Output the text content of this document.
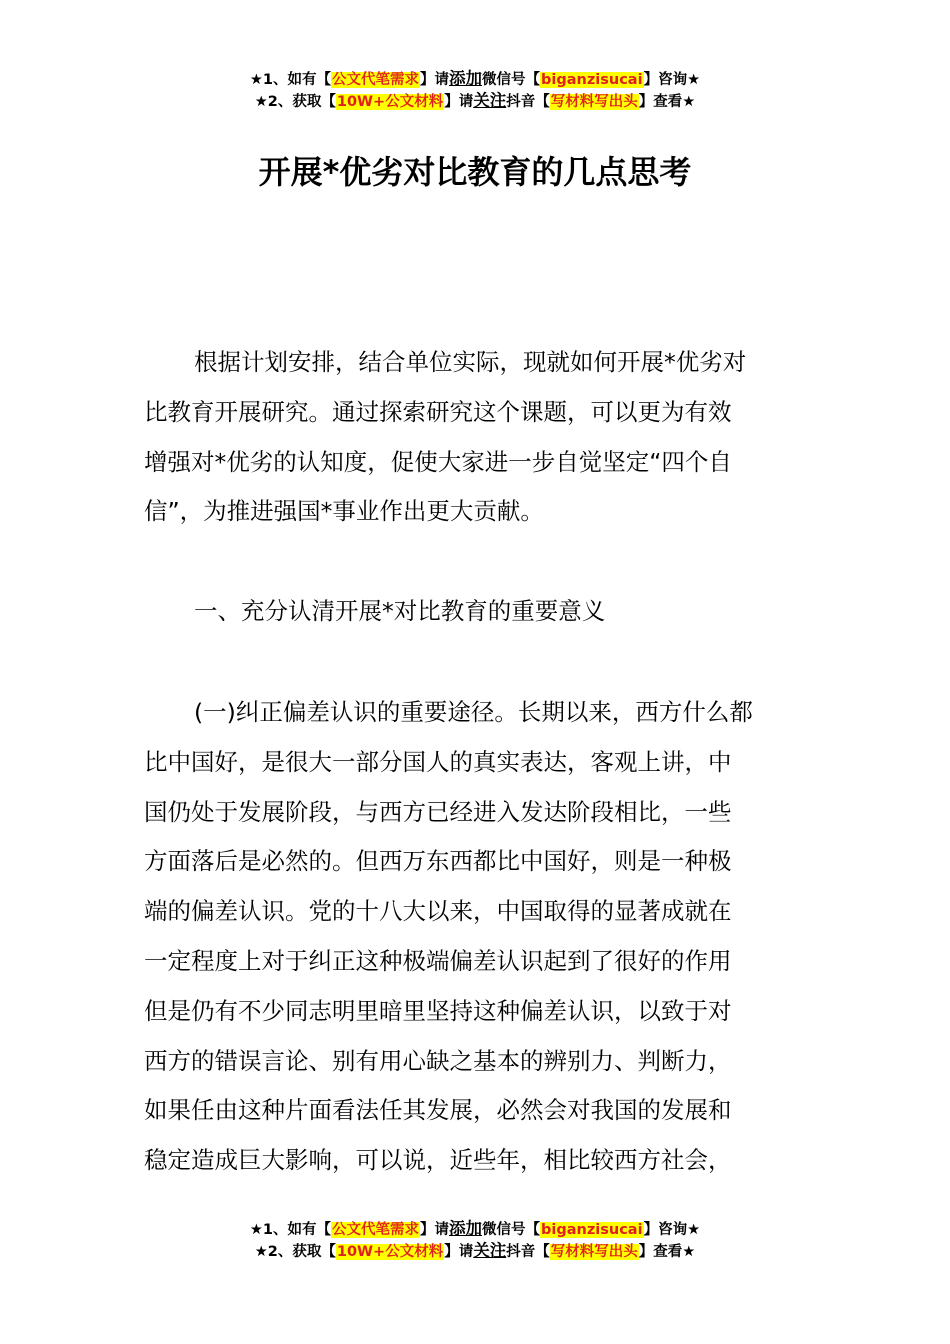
★1、如有【公文代笔需求】请添加微信号【biganzisucai】咨询★
★2、获取【10W+公文材料】请关注抖音【写材料写出头】查看★
开展*优劣对比教育的几点思考
根据计划安排，结合单位实际，现就如何开展*优劣对
比教育开展研究。通过探索研究这个课题，可以更为有效
增强对*优劣的认知度，促使大家进一步自觉坚定“四个自
信”，为推进强国*事业作出更大贡献。
一、充分认清开展*对比教育的重要意义
(一)纠正偏差认识的重要途径。长期以来，西方什么都
比中国好，是很大一部分国人的真实表达，客观上讲，中
国仍处于发展阶段，与西方已经进入发达阶段相比，一些
方面落后是必然的。但西万东西都比中国好，则是一种极
端的偏差认识。党的十八大以来，中国取得的显著成就在
一定程度上对于纠正这种极端偏差认识起到了很好的作用
但是仍有不少同志明里暗里坚持这种偏差认识，以致于对
西方的错误言论、别有用心缺之基本的辨别力、判断力，
如果任由这种片面看法任其发展，必然会对我国的发展和
稳定造成巨大影响，可以说，近些年，相比较西方社会，
★1、如有【公文代笔需求】请添加微信号【biganzisucai】咨询★
★2、获取【10W+公文材料】请关注抖音【写材料写出头】查看★
